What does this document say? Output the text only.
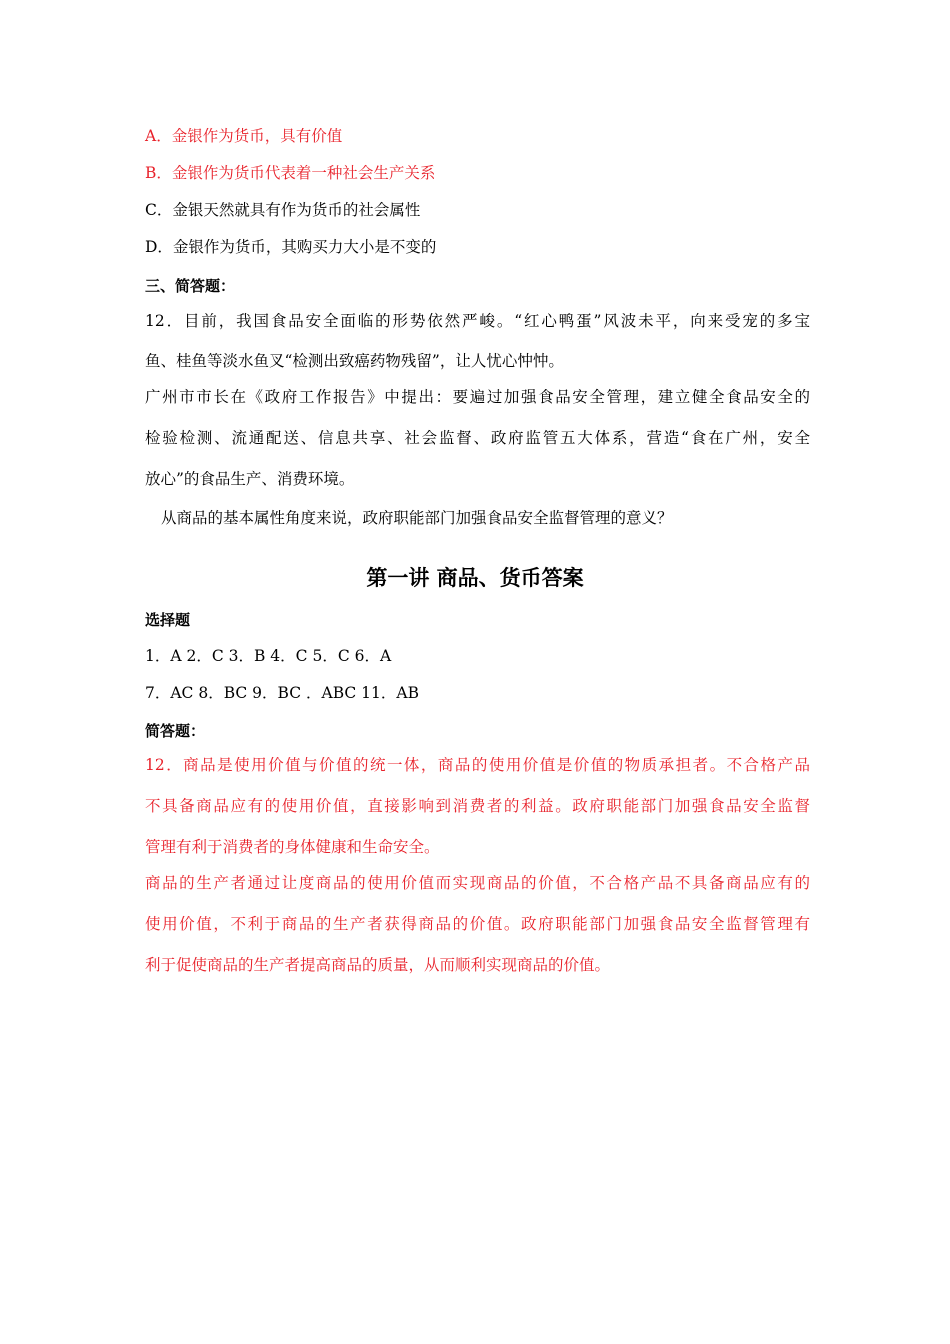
A．金银作为货币，具有价值
B．金银作为货币代表着一种社会生产关系
C．金银天然就具有作为货币的社会属性
D．金银作为货币，其购买力大小是不变的
三、简答题：
12．目前，我国食品安全面临的形势依然严峻。“红心鸭蛋”风波未平，向来受宠的多宝
鱼、桂鱼等淡水鱼叉“检测出致癌药物残留”，让人忧心忡忡。
广州市市长在《政府工作报告》中提出：要遍过加强食品安全管理，建立健全食品安全的
检验检测、流通配送、信息共享、社会监督、政府监管五大体系，营造“食在广州，安全
放心”的食品生产、消费环境。
从商品的基本属性角度来说，政府职能部门加强食品安全监督管理的意义？
第一讲 商品、货币答案
选择题
1．A 2．C 3．B 4．C 5．C 6．A
7．AC 8．BC 9．BC ．ABC 11．AB
简答题：
12．商品是使用价值与价值的统一体，商品的使用价值是价值的物质承担者。不合格产品
不具备商品应有的使用价值，直接影响到消费者的利益。政府职能部门加强食品安全监督
管理有利于消费者的身体健康和生命安全。
商品的生产者通过让度商品的使用价值而实现商品的价值，不合格产品不具备商品应有的
使用价值，不利于商品的生产者获得商品的价值。政府职能部门加强食品安全监督管理有
利于促使商品的生产者提高商品的质量，从而顺利实现商品的价值。
